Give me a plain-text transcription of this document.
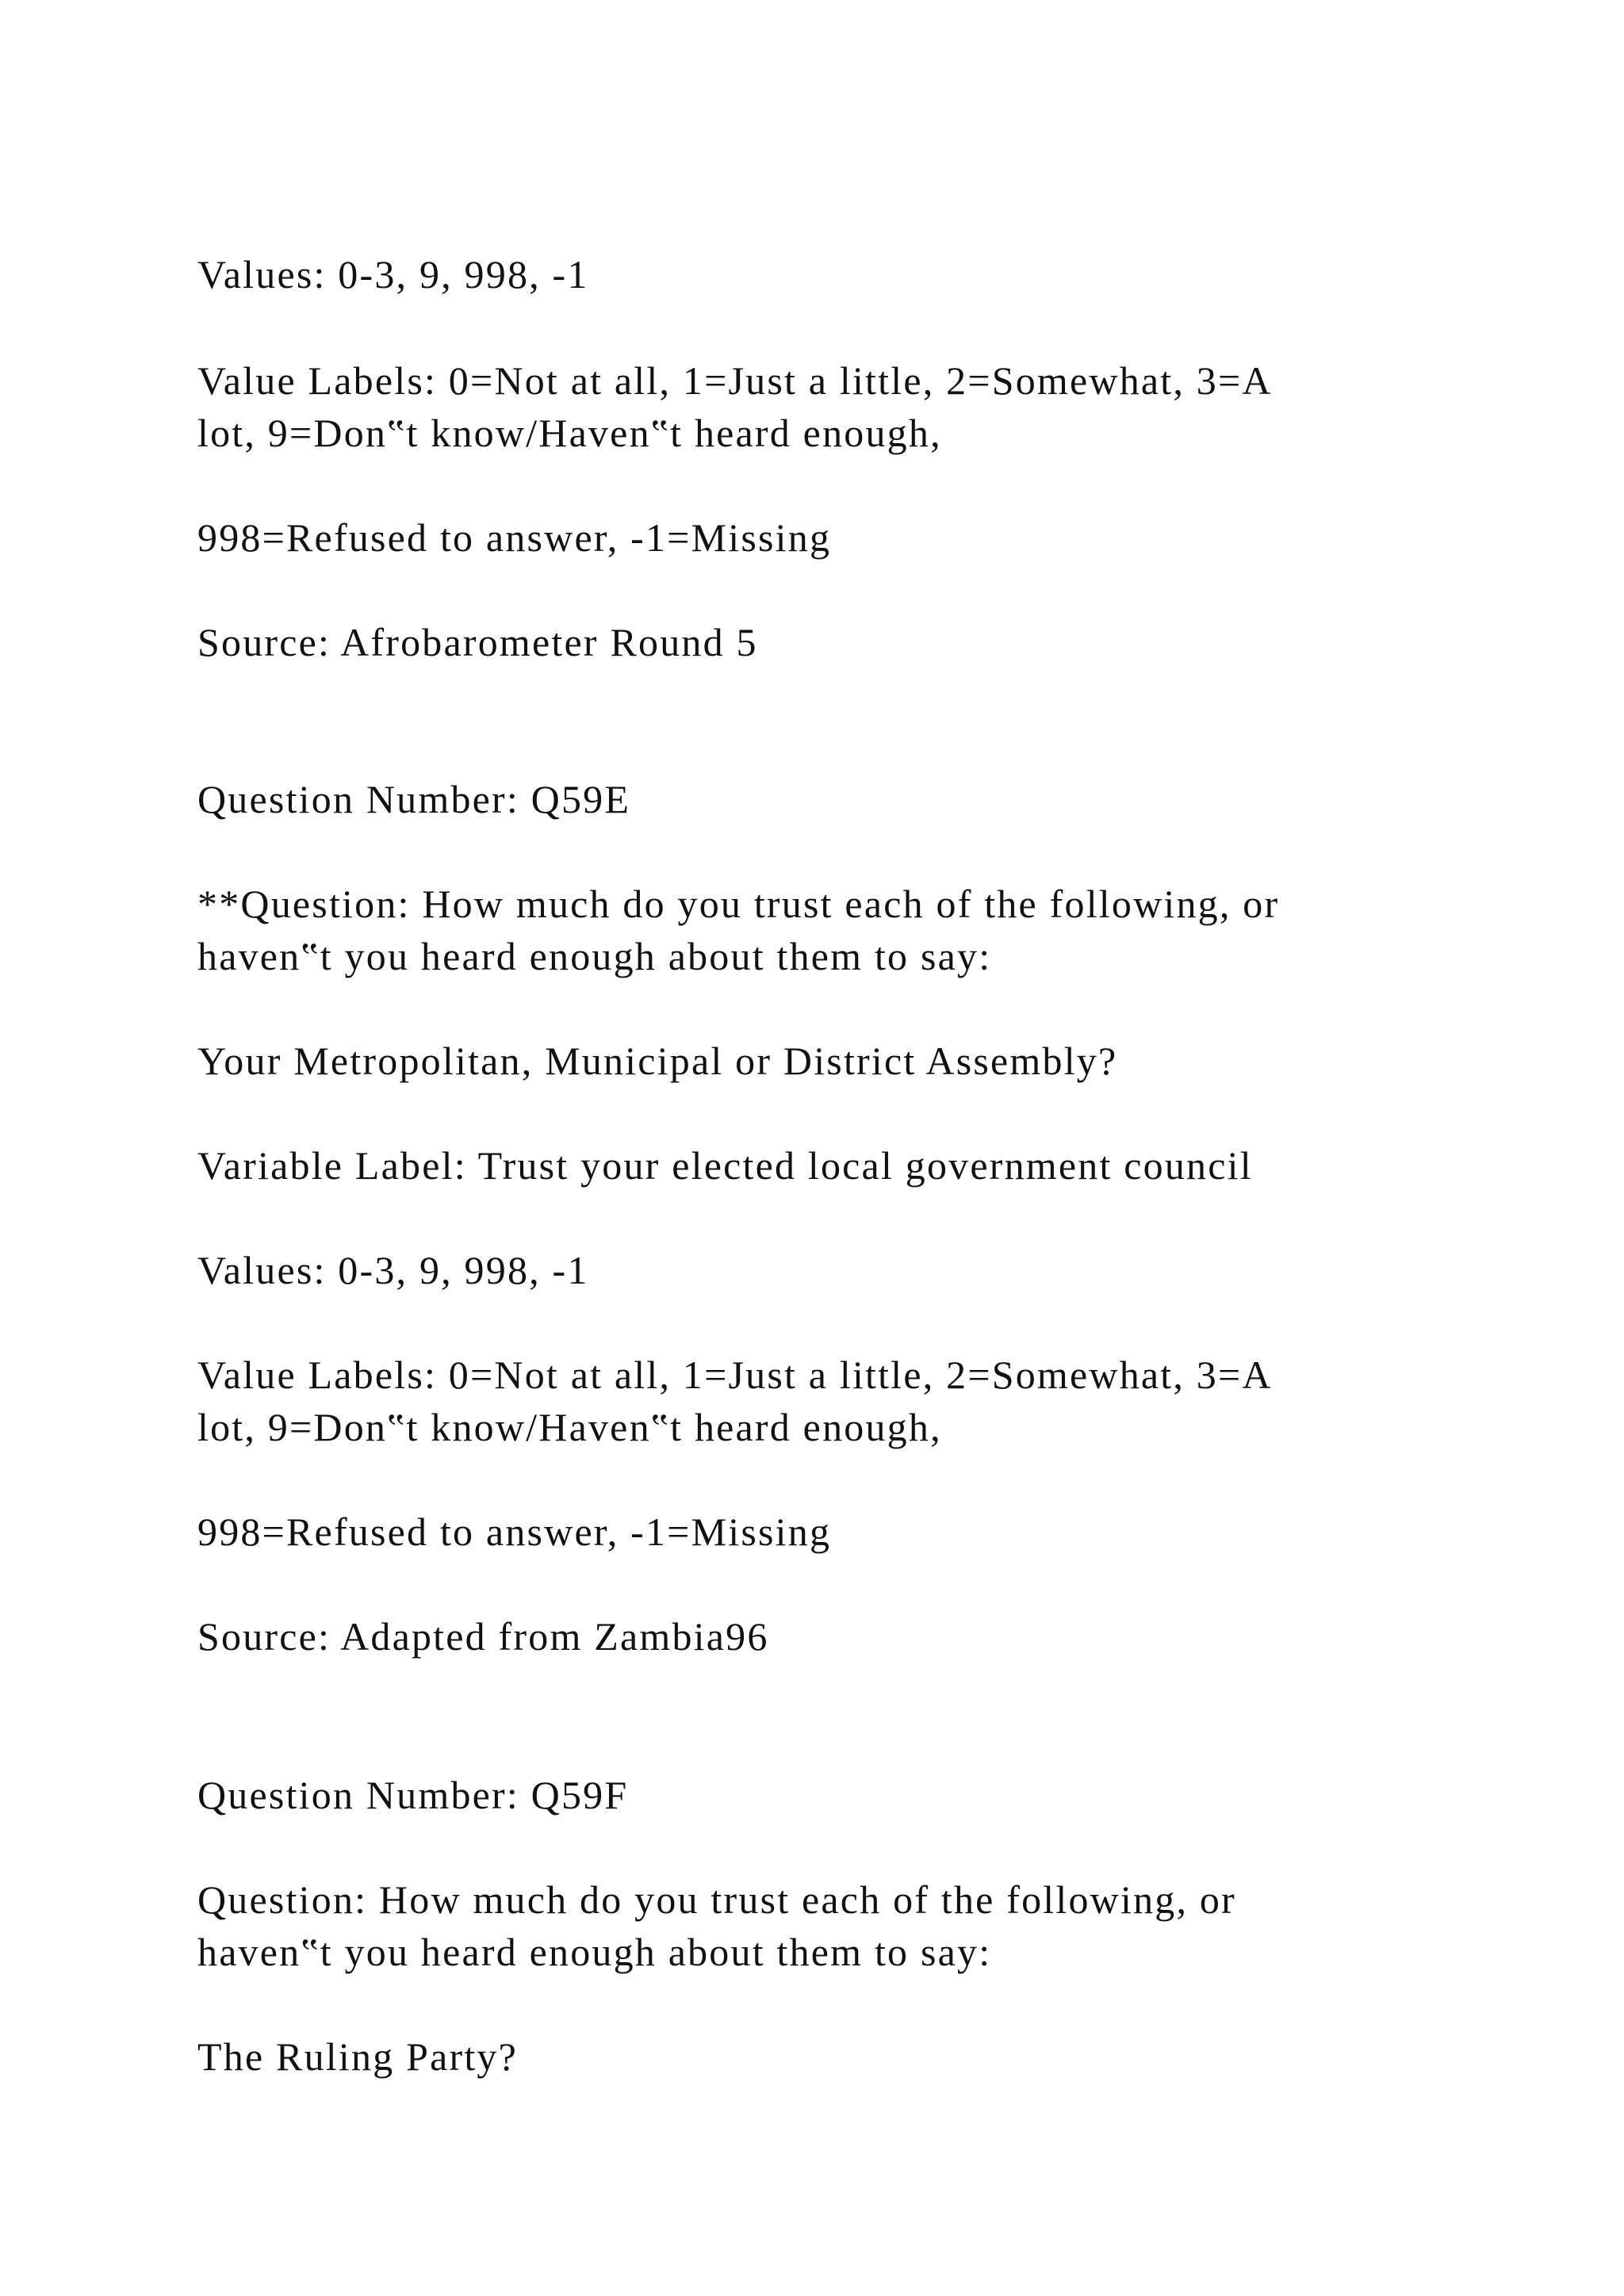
Values: 0-3, 9, 998, -1

Value Labels: 0=Not at all, 1=Just a little, 2=Somewhat, 3=A

lot, 9=Don‟t know/Haven‟t heard enough,

998=Refused to answer, -1=Missing

Source: Afrobarometer Round 5

Question Number: Q59E

**Question: How much do you trust each of the following, or

haven‟t you heard enough about them to say:

Your Metropolitan, Municipal or District Assembly?

Variable Label: Trust your elected local government council

Values: 0-3, 9, 998, -1

Value Labels: 0=Not at all, 1=Just a little, 2=Somewhat, 3=A

lot, 9=Don‟t know/Haven‟t heard enough,

998=Refused to answer, -1=Missing

Source: Adapted from Zambia96

Question Number: Q59F

Question: How much do you trust each of the following, or

haven‟t you heard enough about them to say:

The Ruling Party?
